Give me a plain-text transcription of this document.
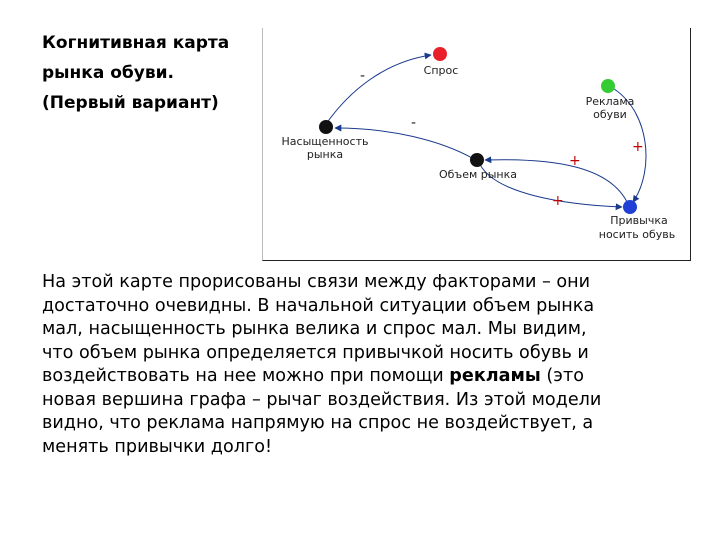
Когнитивная карта
рынка обуви.
(Первый вариант)
-
-
+
+
+
Спрос
Реклама
обуви
Насыщенность
рынка
Объем рынка
Привычка
носить обувь

На этой карте прорисованы связи между факторами – они
достаточно очевидны. В начальной ситуации объем рынка
мал, насыщенность рынка велика и спрос мал. Мы видим,
что объем рынка определяется привычкой носить обувь и
воздействовать на нее можно при помощи рекламы (это
новая вершина графа – рычаг воздействия. Из этой модели
видно, что реклама напрямую на спрос не воздействует, а
менять привычки долго!
